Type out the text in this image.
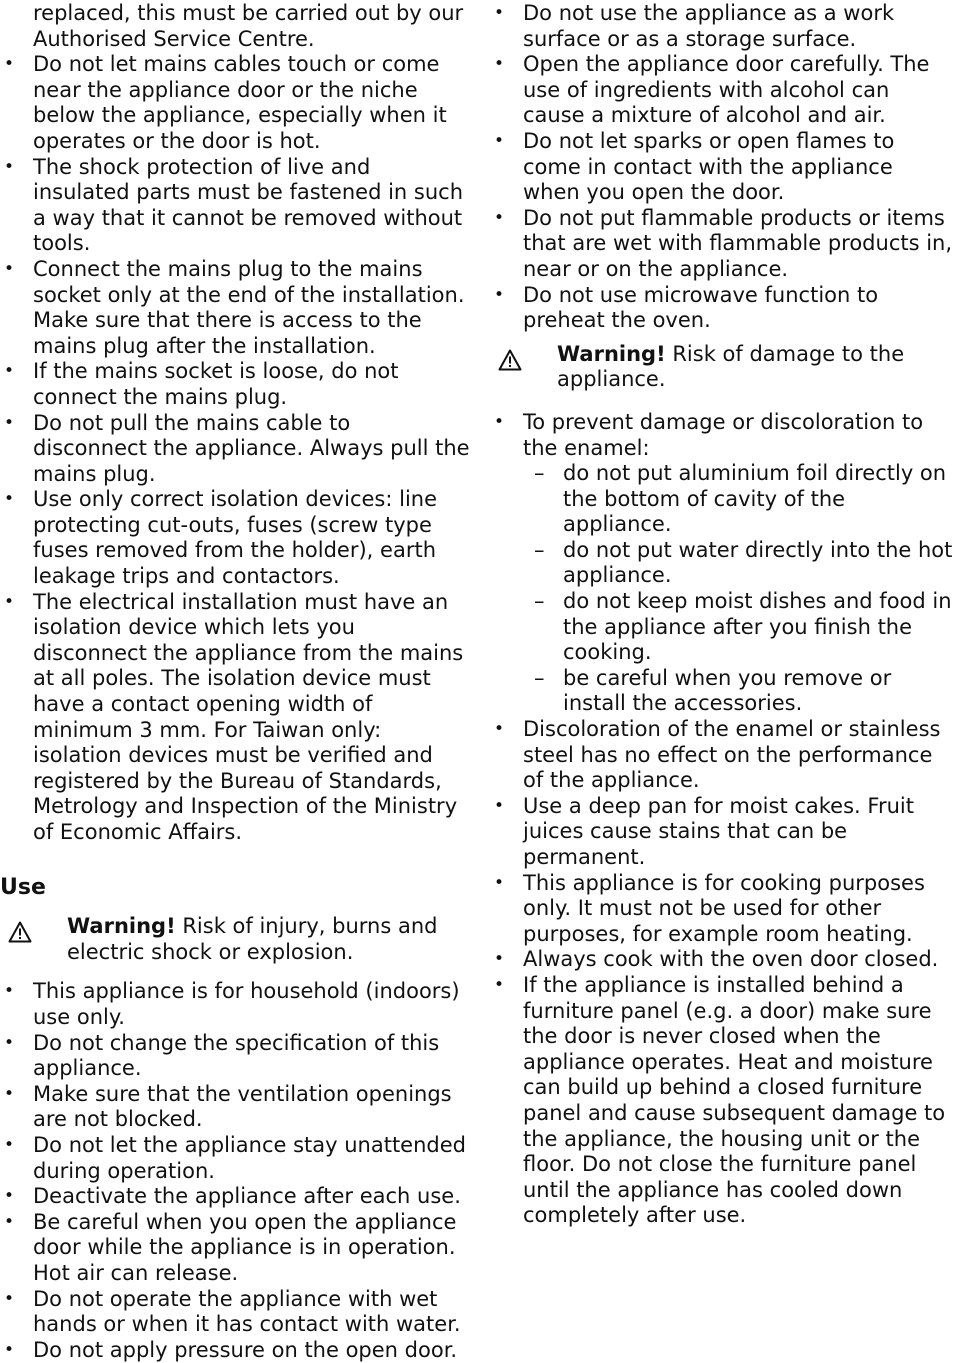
replaced, this must be carried out by our Authorised Service Centre.
• Do not let mains cables touch or come near the appliance door or the niche below the appliance, especially when it operates or the door is hot.
• The shock protection of live and insulated parts must be fastened in such a way that it cannot be removed without tools.
• Connect the mains plug to the mains socket only at the end of the installation. Make sure that there is access to the mains plug after the installation.
• If the mains socket is loose, do not connect the mains plug.
• Do not pull the mains cable to disconnect the appliance. Always pull the mains plug.
• Use only correct isolation devices: line protecting cut-outs, fuses (screw type fuses removed from the holder), earth leakage trips and contactors.
• The electrical installation must have an isolation device which lets you disconnect the appliance from the mains at all poles. The isolation device must have a contact opening width of minimum 3 mm. For Taiwan only: isolation devices must be verified and registered by the Bureau of Standards, Metrology and Inspection of the Ministry of Economic Affairs.
Use
Warning! Risk of injury, burns and electric shock or explosion.
• This appliance is for household (indoors) use only.
• Do not change the specification of this appliance.
• Make sure that the ventilation openings are not blocked.
• Do not let the appliance stay unattended during operation.
• Deactivate the appliance after each use.
• Be careful when you open the appliance door while the appliance is in operation. Hot air can release.
• Do not operate the appliance with wet hands or when it has contact with water.
• Do not apply pressure on the open door.
• Do not use the appliance as a work surface or as a storage surface.
• Open the appliance door carefully. The use of ingredients with alcohol can cause a mixture of alcohol and air.
• Do not let sparks or open flames to come in contact with the appliance when you open the door.
• Do not put flammable products or items that are wet with flammable products in, near or on the appliance.
• Do not use microwave function to preheat the oven.
Warning! Risk of damage to the appliance.
• To prevent damage or discoloration to the enamel:
– do not put aluminium foil directly on the bottom of cavity of the appliance.
– do not put water directly into the hot appliance.
– do not keep moist dishes and food in the appliance after you finish the cooking.
– be careful when you remove or install the accessories.
• Discoloration of the enamel or stainless steel has no effect on the performance of the appliance.
• Use a deep pan for moist cakes. Fruit juices cause stains that can be permanent.
• This appliance is for cooking purposes only. It must not be used for other purposes, for example room heating.
• Always cook with the oven door closed.
• If the appliance is installed behind a furniture panel (e.g. a door) make sure the door is never closed when the appliance operates. Heat and moisture can build up behind a closed furniture panel and cause subsequent damage to the appliance, the housing unit or the floor. Do not close the furniture panel until the appliance has cooled down completely after use.
